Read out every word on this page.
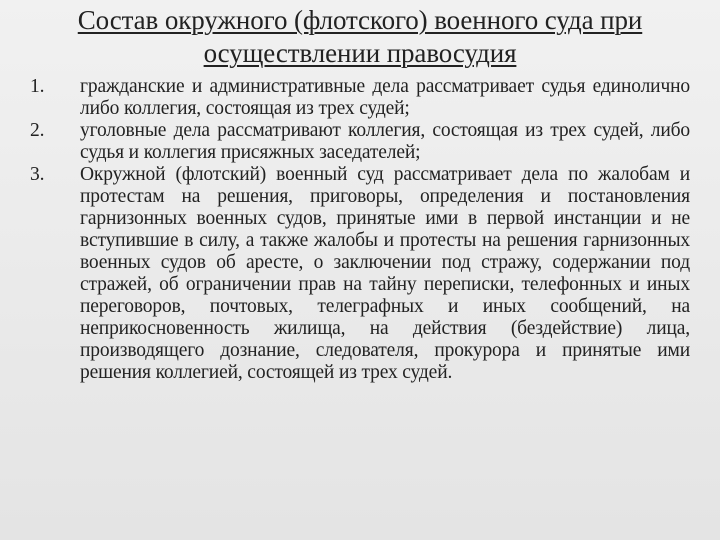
Состав окружного (флотского) военного суда при осуществлении правосудия
1.	гражданские и административные дела рассматривает судья единолично либо коллегия, состоящая из трех судей;
2.	уголовные дела рассматривают коллегия, состоящая из трех судей, либо судья и коллегия присяжных заседателей;
3.	Окружной (флотский) военный суд рассматривает дела по жалобам и протестам на решения, приговоры, определения и постановления гарнизонных военных судов, принятые ими в первой инстанции и не вступившие в силу, а также жалобы и протесты на решения гарнизонных военных судов об аресте, о заключении под стражу, содержании под стражей, об ограничении прав на тайну переписки, телефонных и иных переговоров, почтовых, телеграфных и иных сообщений, на неприкосновенность жилища, на действия (бездействие) лица, производящего дознание, следователя, прокурора и принятые ими решения коллегией, состоящей из трех судей.
